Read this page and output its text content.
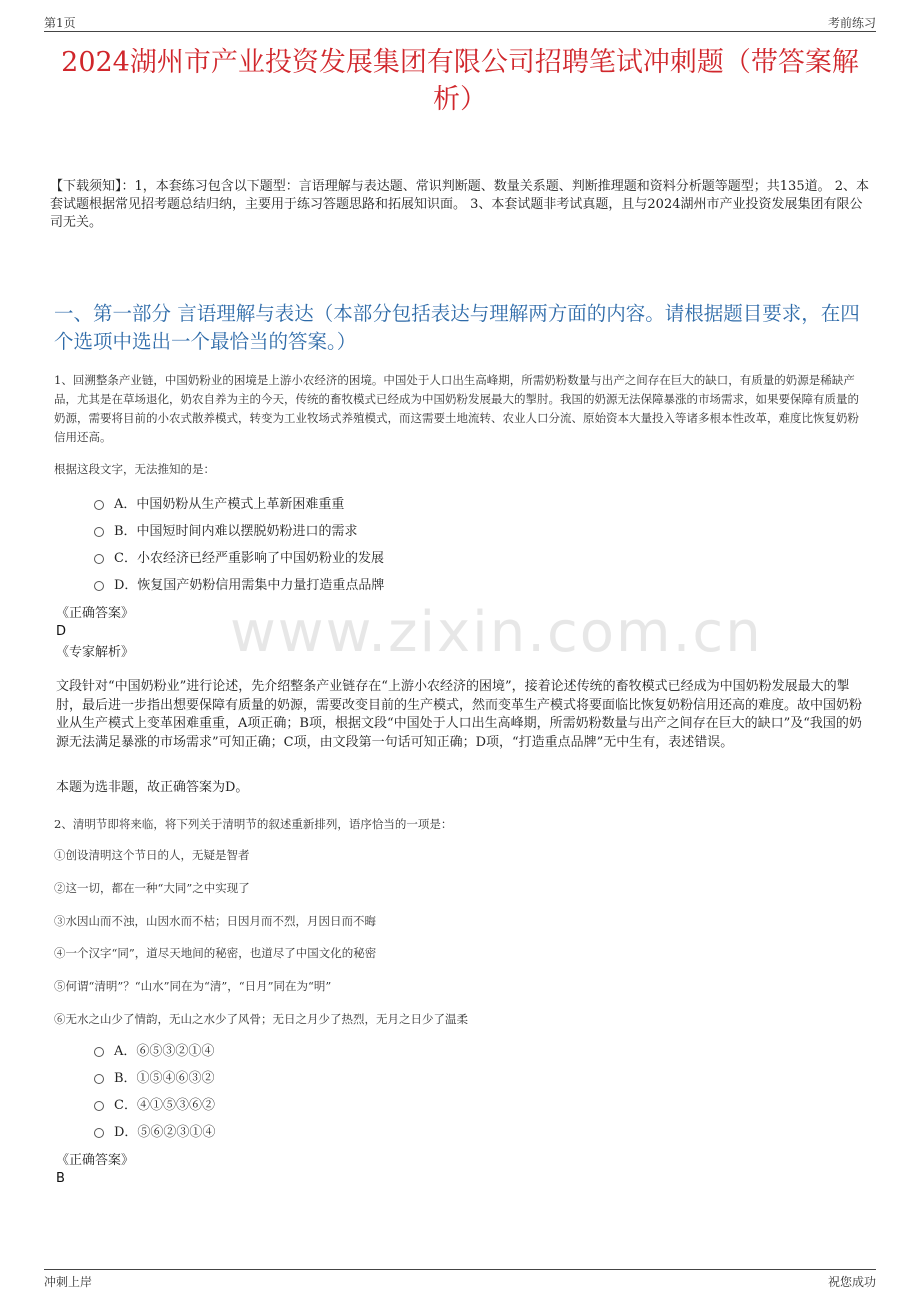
第1页	考前练习
2024湖州市产业投资发展集团有限公司招聘笔试冲刺题（带答案解析）
【下载须知】：1，本套练习包含以下题型：言语理解与表达题、常识判断题、数量关系题、判断推理题和资料分析题等题型；共135道。 2、本套试题根据常见招考题总结归纳，主要用于练习答题思路和拓展知识面。 3、本套试题非考试真题，且与2024湖州市产业投资发展集团有限公司无关。
一、第一部分 言语理解与表达（本部分包括表达与理解两方面的内容。请根据题目要求，在四个选项中选出一个最恰当的答案。）
1、回溯整条产业链，中国奶粉业的困境是上游小农经济的困境。中国处于人口出生高峰期，所需奶粉数量与出产之间存在巨大的缺口，有质量的奶源是稀缺产品，尤其是在草场退化，奶农自养为主的今天，传统的畜牧模式已经成为中国奶粉发展最大的掣肘。我国的奶源无法保障暴涨的市场需求，如果要保障有质量的奶源，需要将目前的小农式散养模式，转变为工业牧场式养殖模式，而这需要土地流转、农业人口分流、原始资本大量投入等诸多根本性改革，难度比恢复奶粉信用还高。
根据这段文字，无法推知的是：
A．中国奶粉从生产模式上革新困难重重
B．中国短时间内难以摆脱奶粉进口的需求
C．小农经济已经严重影响了中国奶粉业的发展
D．恢复国产奶粉信用需集中力量打造重点品牌
《正确答案》
D
《专家解析》
文段针对“中国奶粉业”进行论述，先介绍整条产业链存在“上游小农经济的困境”，接着论述传统的畜牧模式已经成为中国奶粉发展最大的掣肘，最后进一步指出想要保障有质量的奶源，需要改变目前的生产模式，然而变革生产模式将要面临比恢复奶粉信用还高的难度。故中国奶粉业从生产模式上变革困难重重，A项正确；B项，根据文段“中国处于人口出生高峰期，所需奶粉数量与出产之间存在巨大的缺口”及“我国的奶源无法满足暴涨的市场需求”可知正确；C项，由文段第一句话可知正确；D项，“打造重点品牌”无中生有，表述错误。
本题为选非题，故正确答案为D。
www.zixin.com.cn
2、清明节即将来临，将下列关于清明节的叙述重新排列，语序恰当的一项是：
①创设清明这个节日的人，无疑是智者
②这一切，都在一种“大同”之中实现了
③水因山而不浊，山因水而不枯；日因月而不烈，月因日而不晦
④一个汉字“同”，道尽天地间的秘密，也道尽了中国文化的秘密
⑤何谓“清明”？“山水”同在为“清”，“日月”同在为“明”
⑥无水之山少了情韵，无山之水少了风骨；无日之月少了热烈，无月之日少了温柔
A．⑥⑤③②①④
B．①⑤④⑥③②
C．④①⑤③⑥②
D．⑤⑥②③①④
《正确答案》
B
冲刺上岸	祝您成功
